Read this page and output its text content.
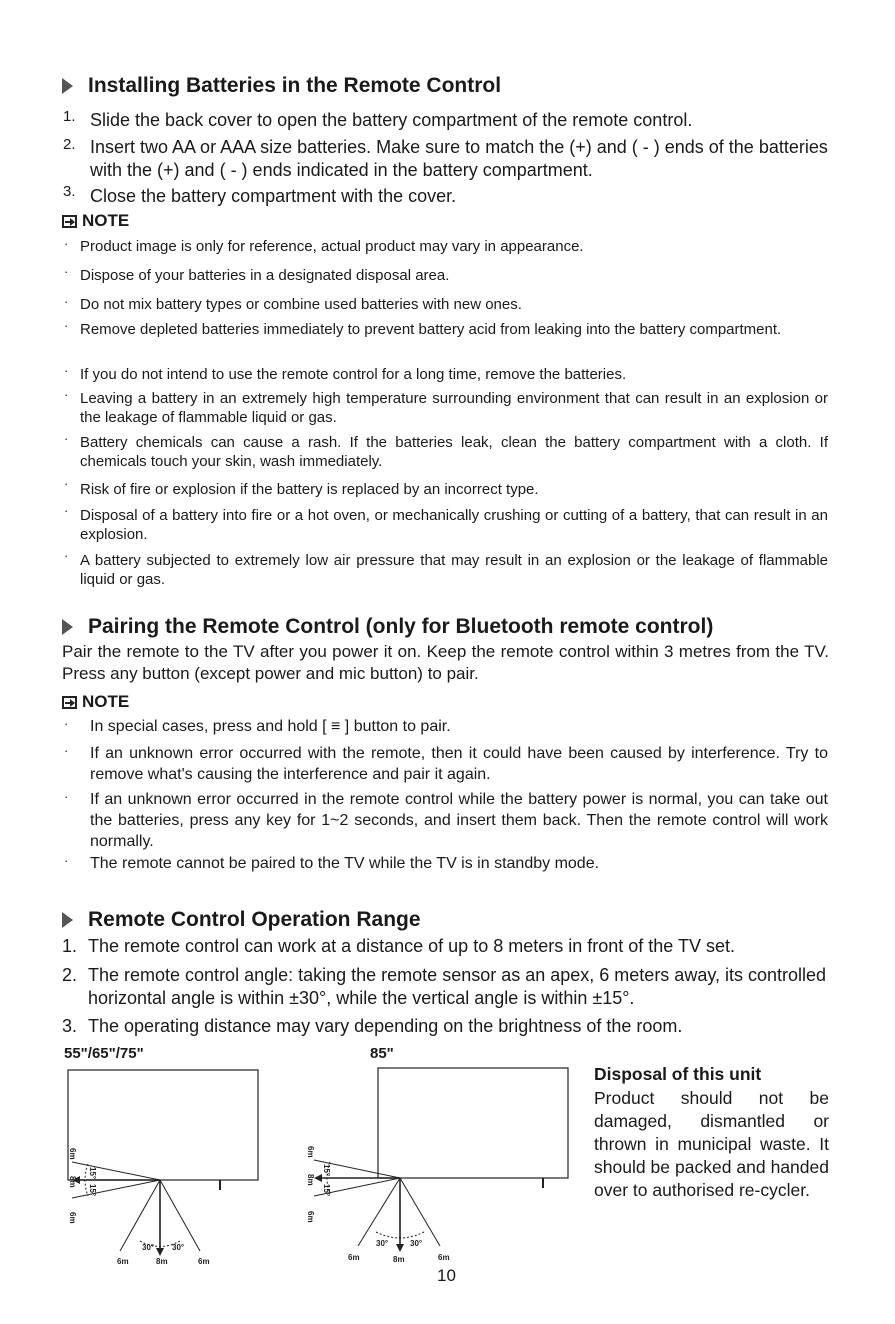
Installing Batteries in the Remote Control
1. Slide the back cover to open the battery compartment of the remote control.
2. Insert two AA or AAA size batteries. Make sure to match the (+) and ( - ) ends of the batteries with the (+) and ( - ) ends indicated in the battery compartment.
3. Close the battery compartment with the cover.
NOTE
· Product image is only for reference, actual product may vary in appearance.
· Dispose of your batteries in a designated disposal area.
· Do not mix battery types or combine used batteries with new ones.
· Remove depleted batteries immediately to prevent battery acid from leaking into the battery compartment.
· If you do not intend to use the remote control for a long time, remove the batteries.
· Leaving a battery in an extremely high temperature surrounding environment that can result in an explosion or the leakage of flammable liquid or gas.
· Battery chemicals can cause a rash. If the batteries leak, clean the battery compartment with a cloth. If chemicals touch your skin, wash immediately.
· Risk of fire or explosion if the battery is replaced by an incorrect type.
· Disposal of a battery into fire or a hot oven, or mechanically crushing or cutting of a battery, that can result in an explosion.
· A battery subjected to extremely low air pressure that may result in an explosion or the leakage of flammable liquid or gas.
Pairing the Remote Control (only for Bluetooth remote control)
Pair the remote to the TV after you power it on. Keep the remote control within 3 metres from the TV. Press any button (except power and mic button) to pair.
NOTE
· In special cases, press and hold [ ≡ ] button to pair.
· If an unknown error occurred with the remote, then it could have been caused by interference. Try to remove what's causing the interference and pair it again.
· If an unknown error occurred in the remote control while the battery power is normal, you can take out the batteries, press any key for 1~2 seconds, and insert them back. Then the remote control will work normally.
· The remote cannot be paired to the TV while the TV is in standby mode.
Remote Control Operation Range
1. The remote control can work at a distance of up to 8 meters in front of the TV set.
2. The remote control angle: taking the remote sensor as an apex, 6 meters away, its controlled horizontal angle is within ±30°, while the vertical angle is within ±15°.
3. The operating distance may vary depending on the brightness of the room.
55"/65"/75"	85"
6m	8m	6m
30° 30°
6m
8m
6m
15°
15°
6m	8m	6m
30°	30°
6m
8m
6m
15°
15°
Disposal of this unit
Product should not be damaged, dismantled or thrown in municipal waste. It should be packed and handed over to authorised re-cycler.
10
